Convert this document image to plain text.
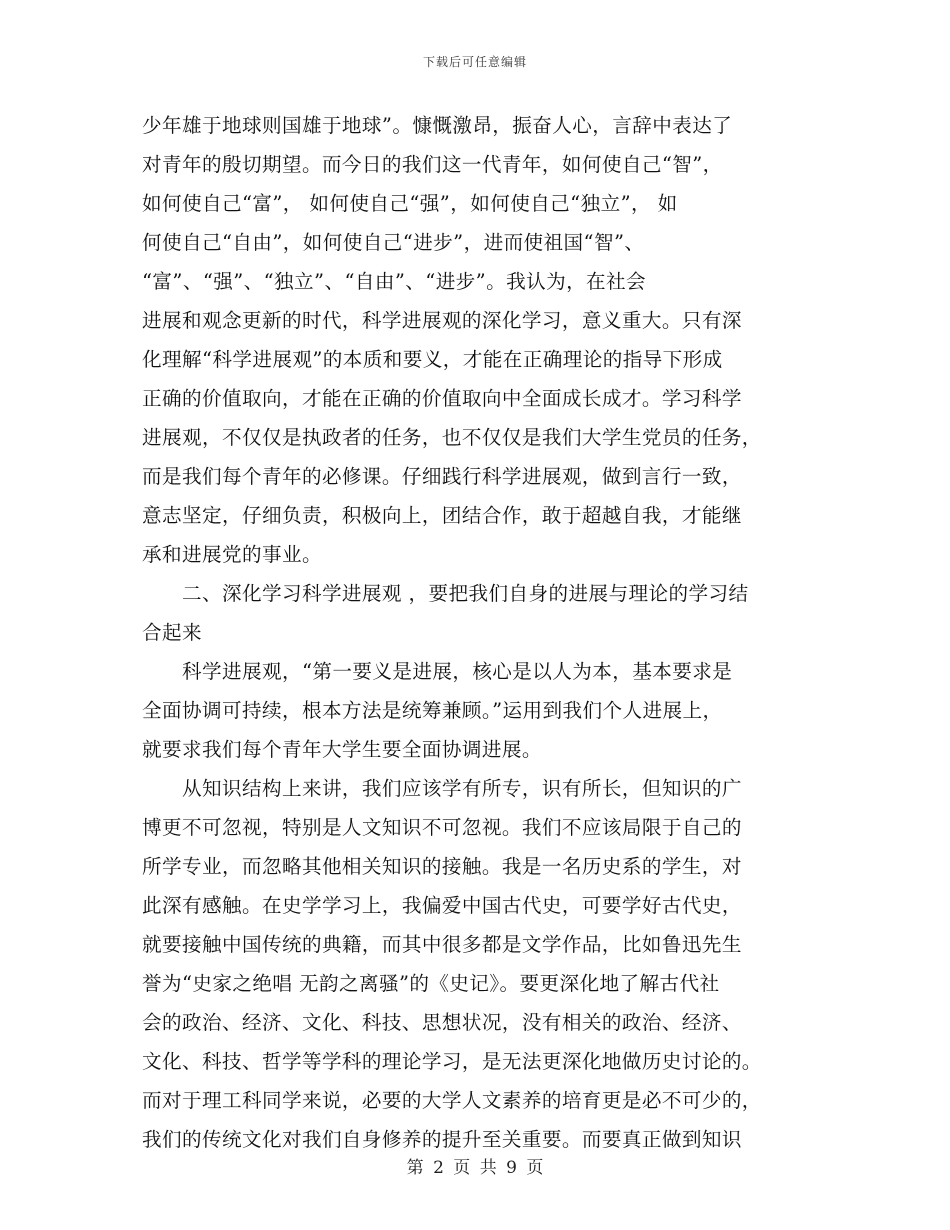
下载后可任意编辑
少年雄于地球则国雄于地球”。慷慨激昂，振奋人心，言辞中表达了
对青年的殷切期望。而今日的我们这一代青年，如何使自己“智”，
如何使自己“富”， 如何使自己“强”，如何使自己“独立”， 如
何使自己“自由”，如何使自己“进步”，进而使祖国“智”、
“富”、“强”、“独立”、“自由”、“进步”。我认为，在社会
进展和观念更新的时代，科学进展观的深化学习，意义重大。只有深
化理解“科学进展观”的本质和要义，才能在正确理论的指导下形成
正确的价值取向，才能在正确的价值取向中全面成长成才。学习科学
进展观，不仅仅是执政者的任务，也不仅仅是我们大学生党员的任务，
而是我们每个青年的必修课。仔细践行科学进展观，做到言行一致，
意志坚定，仔细负责，积极向上，团结合作，敢于超越自我，才能继
承和进展党的事业。
　　二、深化学习科学进展观 ，要把我们自身的进展与理论的学习结
合起来
　　科学进展观，“第一要义是进展，核心是以人为本，基本要求是
全面协调可持续，根本方法是统筹兼顾。”运用到我们个人进展上，
就要求我们每个青年大学生要全面协调进展。
　　从知识结构上来讲，我们应该学有所专，识有所长，但知识的广
博更不可忽视，特别是人文知识不可忽视。我们不应该局限于自己的
所学专业，而忽略其他相关知识的接触。我是一名历史系的学生，对
此深有感触。在史学学习上，我偏爱中国古代史，可要学好古代史，
就要接触中国传统的典籍，而其中很多都是文学作品，比如鲁迅先生
誉为“史家之绝唱 无韵之离骚”的《史记》。要更深化地了解古代社
会的政治、经济、文化、科技、思想状况，没有相关的政治、经济、
文化、科技、哲学等学科的理论学习，是无法更深化地做历史讨论的。
而对于理工科同学来说，必要的大学人文素养的培育更是必不可少的，
我们的传统文化对我们自身修养的提升至关重要。而要真正做到知识
第 2 页 共 9 页
